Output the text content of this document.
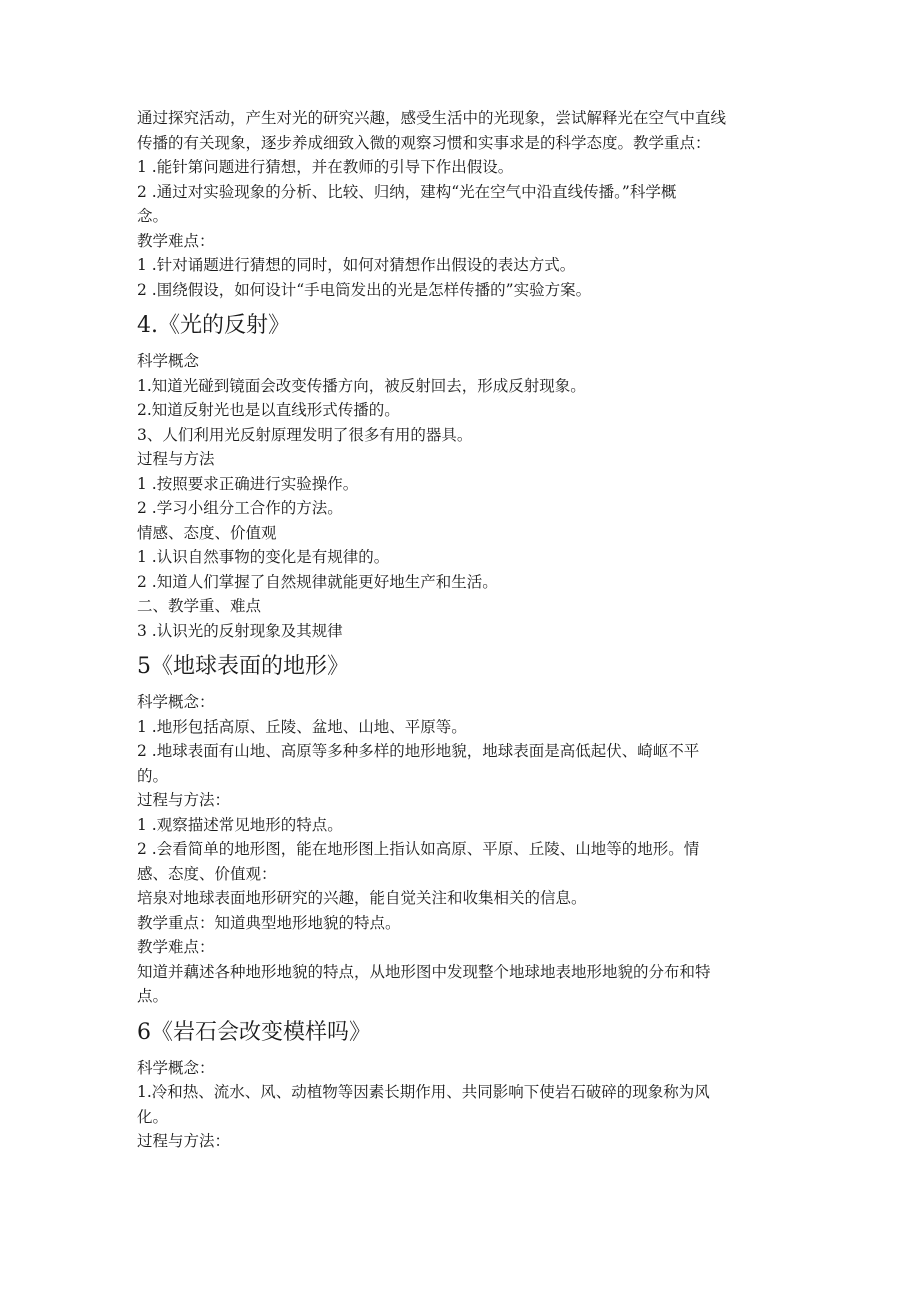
通过探究活动，产生对光的研究兴趣，感受生活中的光现象，尝试解释光在空气中直线
传播的有关现象，逐步养成细致入微的观察习惯和实事求是的科学态度。教学重点：
1 .能针第问题进行猜想，并在教师的引导下作出假设。
2 .通过对实验现象的分析、比较、归纳，建构“光在空气中沿直线传播。”科学概
念。
教学难点：
1 .针对诵题进行猜想的同时，如何对猜想作出假设的表达方式。
2 .围绕假设，如何设计“手电筒发出的光是怎样传播的”实验方案。
4.《光的反射》
科学概念
1.知道光碰到镜面会改变传播方向，被反射回去，形成反射现象。
2.知道反射光也是以直线形式传播的。
3、人们利用光反射原理发明了很多有用的器具。
过程与方法
1 .按照要求正确进行实验操作。
2 .学习小组分工合作的方法。
情感、态度、价值观
1 .认识自然事物的变化是有规律的。
2 .知道人们掌握了自然规律就能更好地生产和生活。
二、教学重、难点
3 .认识光的反射现象及其规律
5《地球表面的地形》
科学概念：
1 .地形包括高原、丘陵、盆地、山地、平原等。
2 .地球表面有山地、高原等多种多样的地形地貌，地球表面是高低起伏、崎岖不平
的。
过程与方法：
1 .观察描述常见地形的特点。
2 .会看简单的地形图，能在地形图上指认如高原、平原、丘陵、山地等的地形。情
感、态度、价值观：
培泉对地球表面地形研究的兴趣，能自觉关注和收集相关的信息。
教学重点：知道典型地形地貌的特点。
教学难点：
知道并藕述各种地形地貌的特点，从地形图中发现整个地球地表地形地貌的分布和特
点。
6《岩石会改变模样吗》
科学概念：
1.冷和热、流水、风、动植物等因素长期作用、共同影响下使岩石破碎的现象称为风
化。
过程与方法：
